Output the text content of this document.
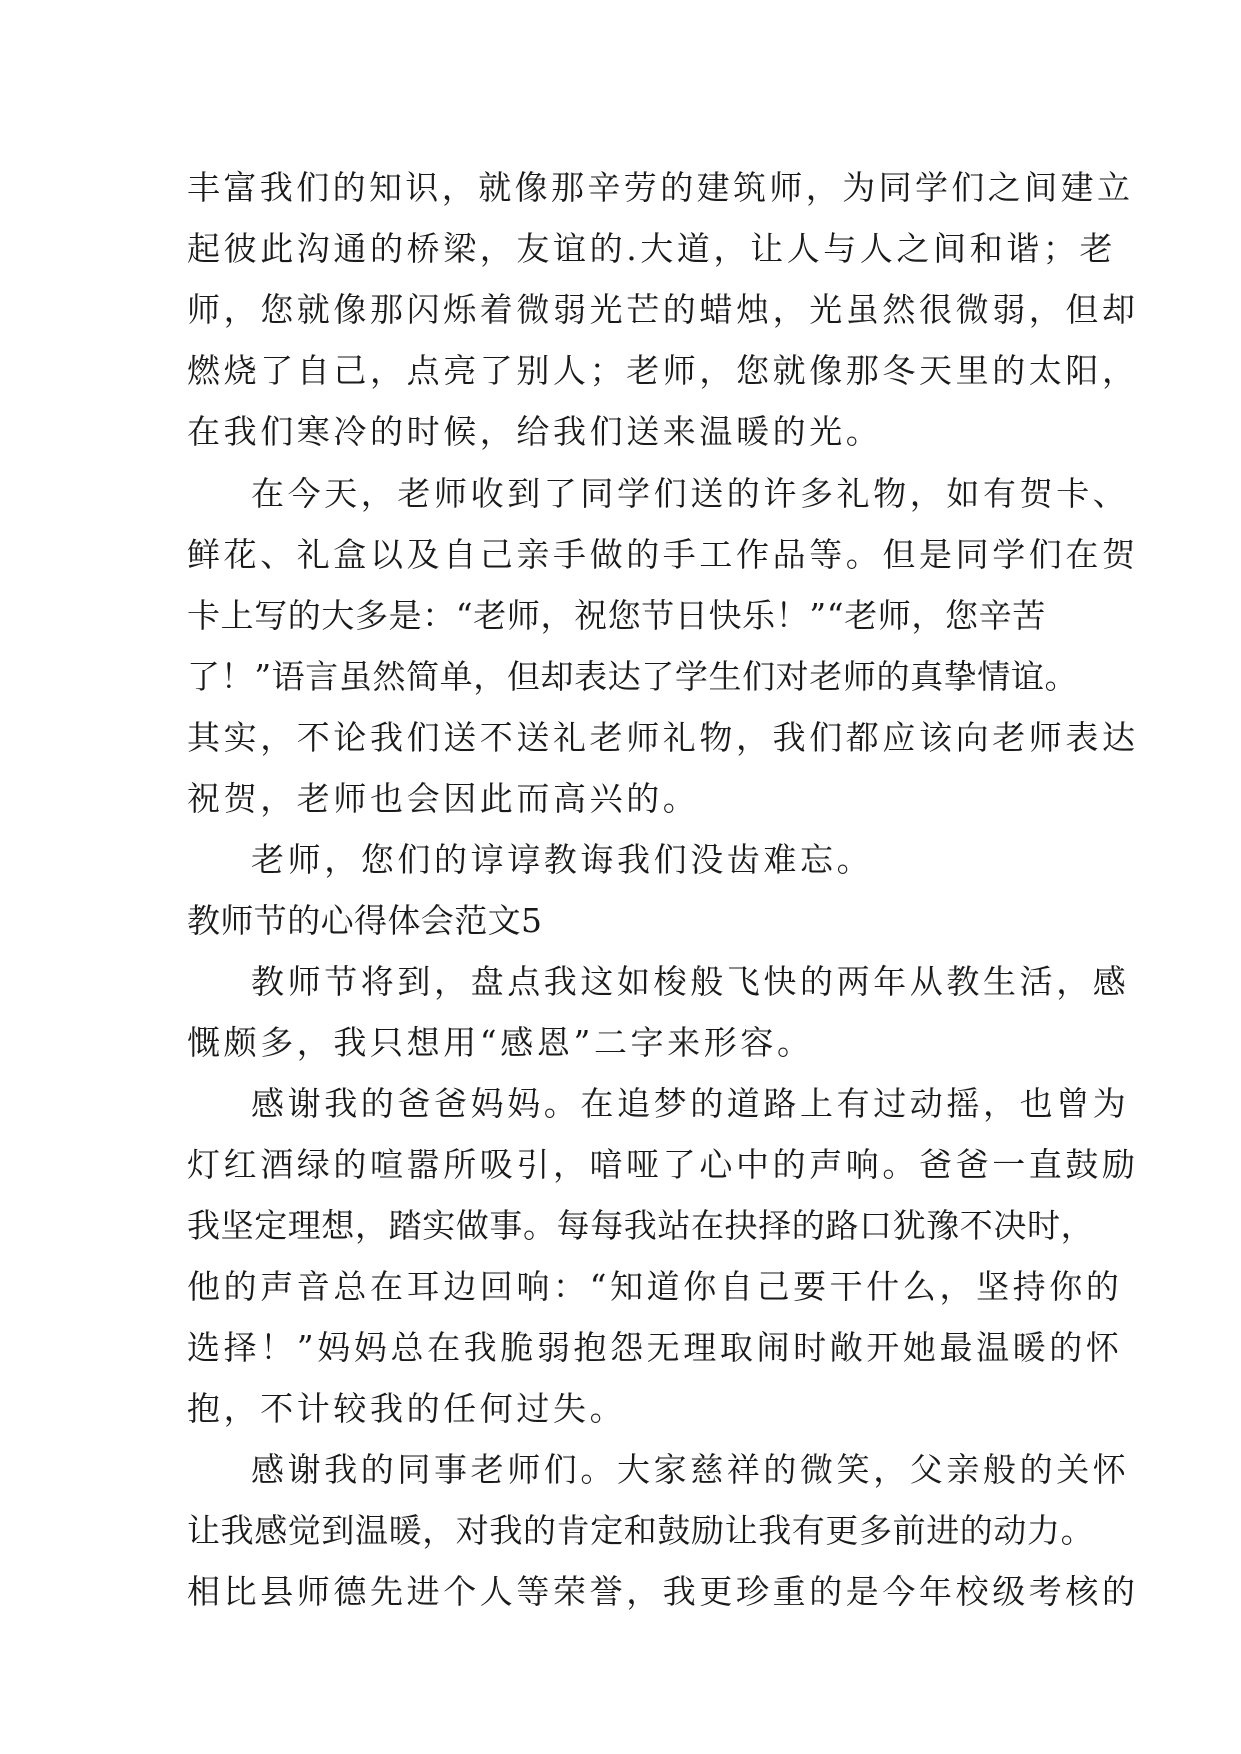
丰富我们的知识，就像那辛劳的建筑师，为同学们之间建立
起彼此沟通的桥梁，友谊的.大道，让人与人之间和谐；老
师，您就像那闪烁着微弱光芒的蜡烛，光虽然很微弱，但却
燃烧了自己，点亮了别人；老师，您就像那冬天里的太阳，
在我们寒冷的时候，给我们送来温暖的光。
在今天，老师收到了同学们送的许多礼物，如有贺卡、
鲜花、礼盒以及自己亲手做的手工作品等。但是同学们在贺
卡上写的大多是：“老师，祝您节日快乐！”“老师，您辛苦
了！”语言虽然简单，但却表达了学生们对老师的真挚情谊。
其实，不论我们送不送礼老师礼物，我们都应该向老师表达
祝贺，老师也会因此而高兴的。
老师，您们的谆谆教诲我们没齿难忘。
教师节的心得体会范文5
教师节将到，盘点我这如梭般飞快的两年从教生活，感
慨颇多，我只想用“感恩”二字来形容。
感谢我的爸爸妈妈。在追梦的道路上有过动摇，也曾为
灯红酒绿的喧嚣所吸引，喑哑了心中的声响。爸爸一直鼓励
我坚定理想，踏实做事。每每我站在抉择的路口犹豫不决时，
他的声音总在耳边回响：“知道你自己要干什么，坚持你的
选择！”妈妈总在我脆弱抱怨无理取闹时敞开她最温暖的怀
抱，不计较我的任何过失。
感谢我的同事老师们。大家慈祥的微笑，父亲般的关怀
让我感觉到温暖，对我的肯定和鼓励让我有更多前进的动力。
相比县师德先进个人等荣誉，我更珍重的是今年校级考核的
